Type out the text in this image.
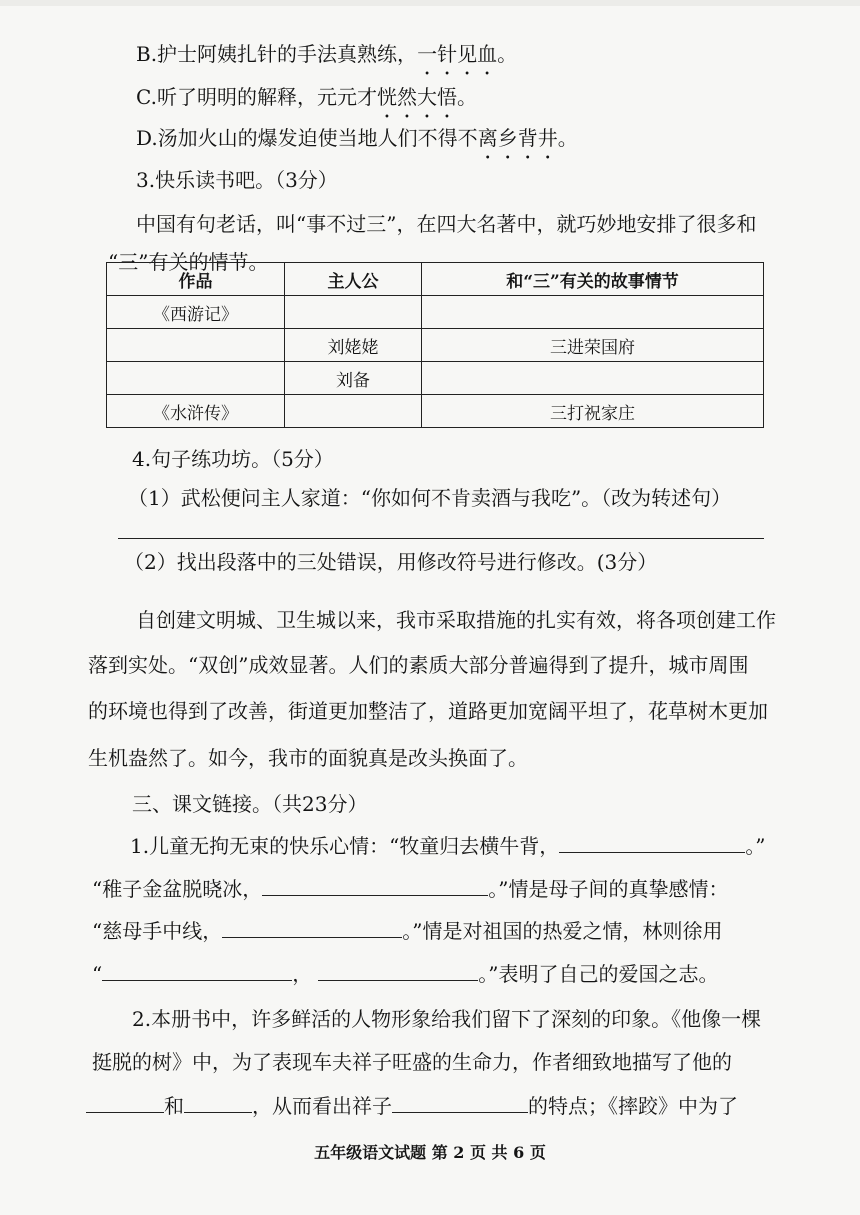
B.护士阿姨扎针的手法真熟练，一针见血。
C.听了明明的解释，元元才恍然大悟。
D.汤加火山的爆发迫使当地人们不得不离乡背井。
3.快乐读书吧。（3分）
中国有句老话，叫“事不过三”，在四大名著中，就巧妙地安排了很多和
“三”有关的情节。
作品	主人公	和“三”有关的故事情节
《西游记》		
	刘姥姥	三进荣国府
	刘备	
《水浒传》		三打祝家庄
4.句子练功坊。（5分）
（1）武松便问主人家道：“你如何不肯卖酒与我吃”。（改为转述句）
（2）找出段落中的三处错误，用修改符号进行修改。(3分）
自创建文明城、卫生城以来，我市采取措施的扎实有效，将各项创建工作
落到实处。“双创”成效显著。人们的素质大部分普遍得到了提升，城市周围
的环境也得到了改善，街道更加整洁了，道路更加宽阔平坦了，花草树木更加
生机盎然了。如今，我市的面貌真是改头换面了。
三、课文链接。（共23分）
1.儿童无拘无束的快乐心情：“牧童归去横牛背，	。”
“稚子金盆脱晓冰，	。”情是母子间的真挚感情：
“慈母手中线，	。”情是对祖国的热爱之情，林则徐用
“	，	。”表明了自己的爱国之志。
2.本册书中，许多鲜活的人物形象给我们留下了深刻的印象。《他像一棵
挺脱的树》中，为了表现车夫祥子旺盛的生命力，作者细致地描写了他的
和	，从而看出祥子	的特点；《摔跤》中为了
五年级语文试题 第 2 页 共 6 页
